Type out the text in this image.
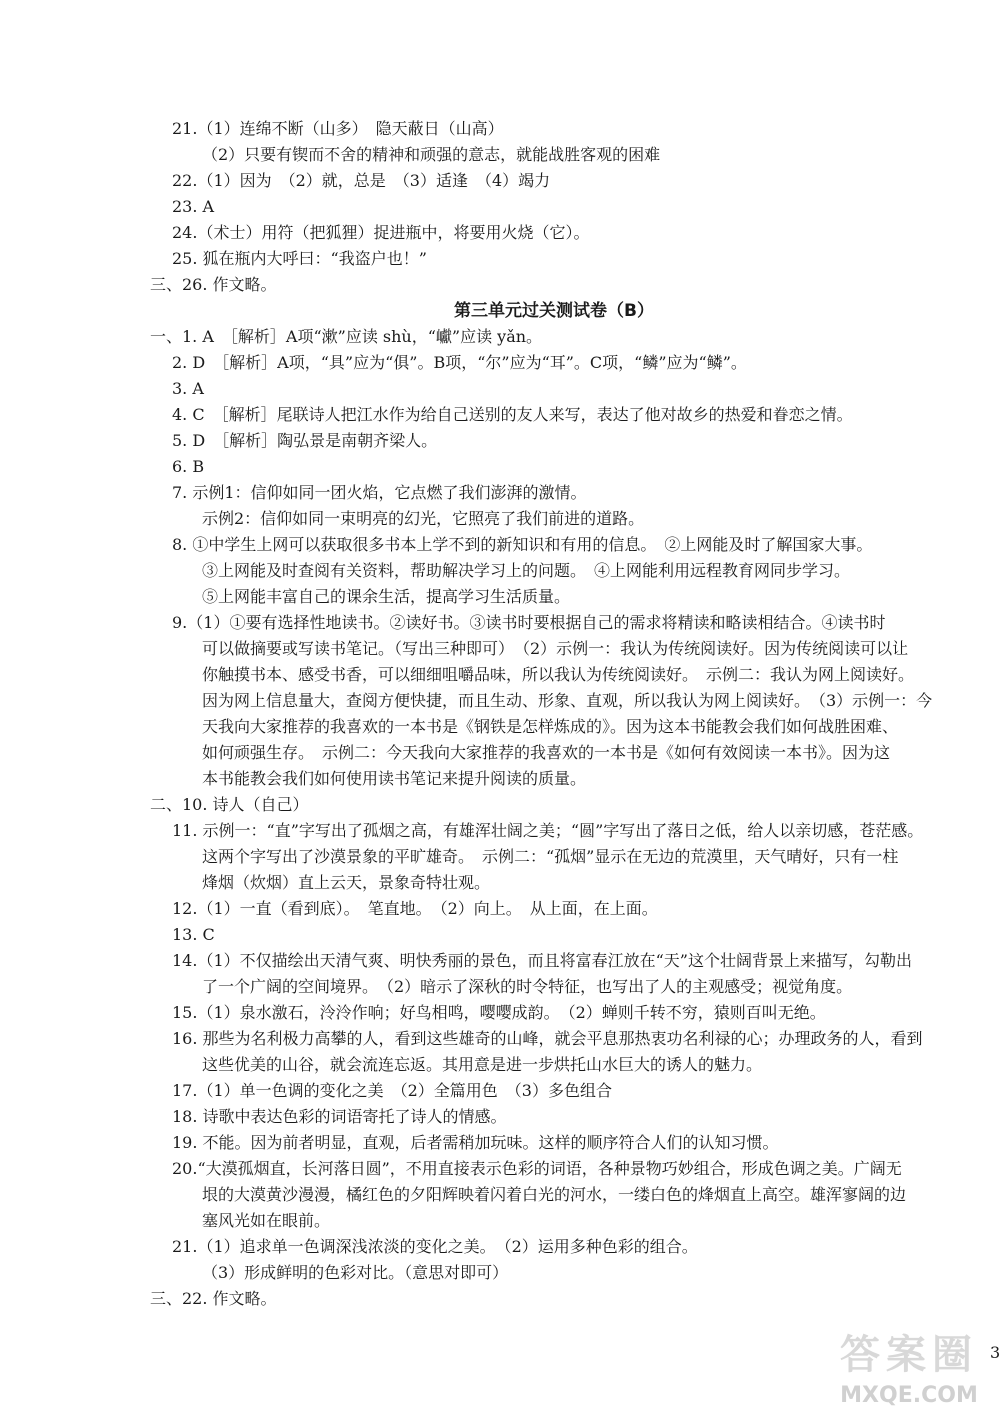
21.（1）连绵不断（山多）　隐天蔽日（山高）
（2）只要有锲而不舍的精神和顽强的意志，就能战胜客观的困难
22.（1）因为　（2）就，总是　（3）适逢　（4）竭力
23. A
24.（术士）用符（把狐狸）捉进瓶中，将要用火烧（它）。
25. 狐在瓶内大呼曰：“我盗户也！”
三、26. 作文略。
第三单元过关测试卷（B）
一、1. A　［解析］A项“漱”应读 shù，“巘”应读 yǎn。
2. D　［解析］A项，“具”应为“俱”。B项，“尔”应为“耳”。C项，“鳞”应为“鳞”。
3. A
4. C　［解析］尾联诗人把江水作为给自己送别的友人来写，表达了他对故乡的热爱和眷恋之情。
5. D　［解析］陶弘景是南朝齐梁人。
6. B
7. 示例1：信仰如同一团火焰，它点燃了我们澎湃的激情。
示例2：信仰如同一束明亮的幻光，它照亮了我们前进的道路。
8. ①中学生上网可以获取很多书本上学不到的新知识和有用的信息。　②上网能及时了解国家大事。
③上网能及时查阅有关资料，帮助解决学习上的问题。　④上网能利用远程教育网同步学习。
⑤上网能丰富自己的课余生活，提高学习生活质量。
9.（1）①要有选择性地读书。②读好书。③读书时要根据自己的需求将精读和略读相结合。④读书时
可以做摘要或写读书笔记。（写出三种即可）　（2）示例一：我认为传统阅读好。因为传统阅读可以让
你触摸书本、感受书香，可以细细咀嚼品味，所以我认为传统阅读好。　示例二：我认为网上阅读好。
因为网上信息量大，查阅方便快捷，而且生动、形象、直观，所以我认为网上阅读好。　（3）示例一：今
天我向大家推荐的我喜欢的一本书是《钢铁是怎样炼成的》。因为这本书能教会我们如何战胜困难、
如何顽强生存。　示例二：今天我向大家推荐的我喜欢的一本书是《如何有效阅读一本书》。因为这
本书能教会我们如何使用读书笔记来提升阅读的质量。
二、10. 诗人（自己）
11. 示例一：“直”字写出了孤烟之高，有雄浑壮阔之美；“圆”字写出了落日之低，给人以亲切感，苍茫感。
这两个字写出了沙漠景象的平旷雄奇。　示例二：“孤烟”显示在无边的荒漠里，天气晴好，只有一柱
烽烟（炊烟）直上云天，景象奇特壮观。
12.（1）一直（看到底）。　笔直地。　（2）向上。　从上面，在上面。
13. C
14.（1）不仅描绘出天清气爽、明快秀丽的景色，而且将富春江放在“天”这个壮阔背景上来描写，勾勒出
了一个广阔的空间境界。　（2）暗示了深秋的时令特征，也写出了人的主观感受；视觉角度。
15.（1）泉水激石，泠泠作响；好鸟相鸣，嘤嘤成韵。　（2）蝉则千转不穷，猿则百叫无绝。
16. 那些为名利极力高攀的人，看到这些雄奇的山峰，就会平息那热衷功名利禄的心；办理政务的人，看到
这些优美的山谷，就会流连忘返。其用意是进一步烘托山水巨大的诱人的魅力。
17.（1）单一色调的变化之美　（2）全篇用色　（3）多色组合
18. 诗歌中表达色彩的词语寄托了诗人的情感。
19. 不能。因为前者明显，直观，后者需稍加玩味。这样的顺序符合人们的认知习惯。
20.“大漠孤烟直，长河落日圆”，不用直接表示色彩的词语，各种景物巧妙组合，形成色调之美。广阔无
垠的大漠黄沙漫漫，橘红色的夕阳辉映着闪着白光的河水，一缕白色的烽烟直上高空。雄浑寥阔的边
塞风光如在眼前。
21.（1）追求单一色调深浅浓淡的变化之美。　（2）运用多种色彩的组合。
（3）形成鲜明的色彩对比。（意思对即可）
三、22. 作文略。
3
答案圈
MXQE.COM
